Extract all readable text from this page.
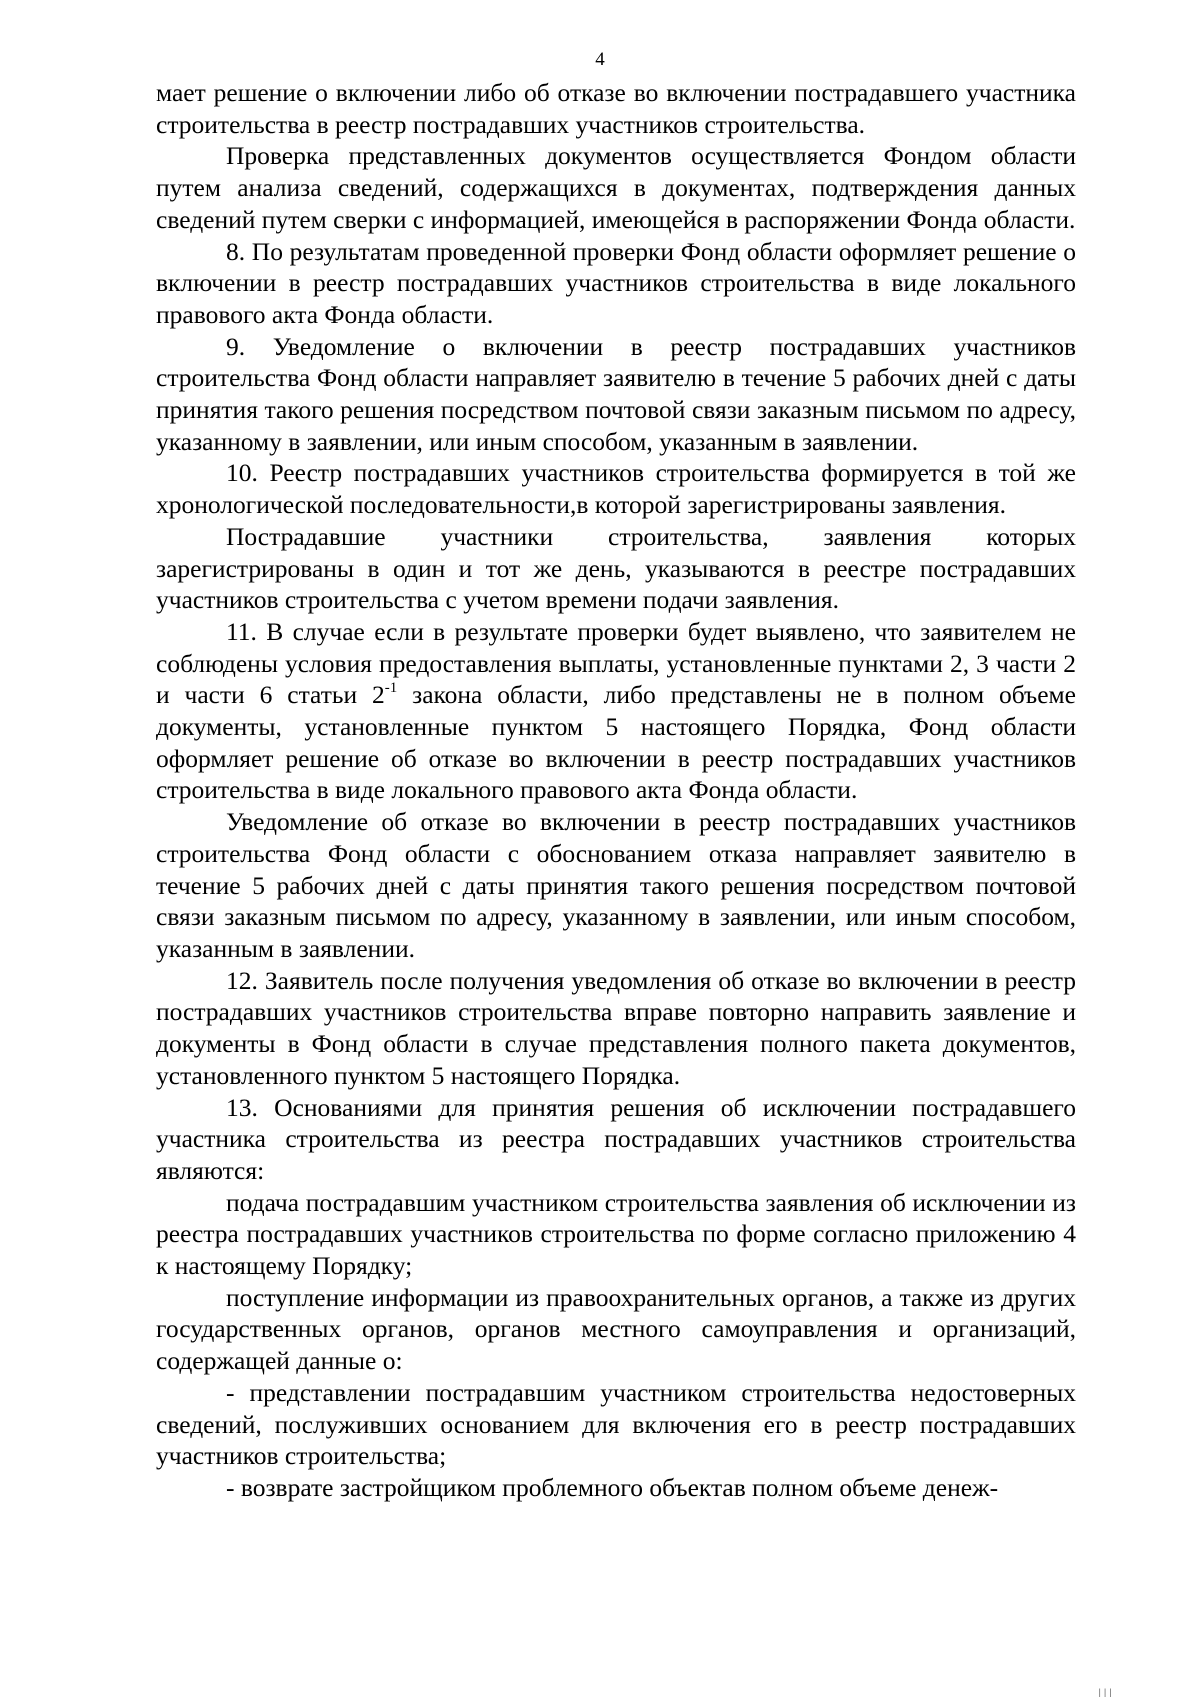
4

мает решение о включении либо об отказе во включении пострадавшего участника строительства в реестр пострадавших участников строительства.

Проверка представленных документов осуществляется Фондом области путем анализа сведений, содержащихся в документах, подтверждения данных сведений путем сверки с информацией, имеющейся в распоряжении Фонда области.

8. По результатам проведенной проверки Фонд области оформляет решение о включении в реестр пострадавших участников строительства в виде локального правового акта Фонда области.

9. Уведомление о включении в реестр пострадавших участников строительства Фонд области направляет заявителю в течение 5 рабочих дней с даты принятия такого решения посредством почтовой связи заказным письмом по адресу, указанному в заявлении, или иным способом, указанным в заявлении.

10. Реестр пострадавших участников строительства формируется в той же хронологической последовательности,в которой зарегистрированы заявления.

Пострадавшие участники строительства, заявления которых зарегистрированы в один и тот же день, указываются в реестре пострадавших участников строительства с учетом времени подачи заявления.

11. В случае если в результате проверки будет выявлено, что заявителем не соблюдены условия предоставления выплаты, установленные пунктами 2, 3 части 2 и части 6 статьи $2^{-1}$ закона области, либо представлены не в полном объеме документы, установленные пунктом 5 настоящего Порядка, Фонд области оформляет решение об отказе во включении в реестр пострадавших участников строительства в виде локального правового акта Фонда области.

Уведомление об отказе во включении в реестр пострадавших участников строительства Фонд области с обоснованием отказа направляет заявителю в течение 5 рабочих дней с даты принятия такого решения посредством почтовой связи заказным письмом по адресу, указанному в заявлении, или иным способом, указанным в заявлении.

12. Заявитель после получения уведомления об отказе во включении в реестр пострадавших участников строительства вправе повторно направить заявление и документы в Фонд области в случае представления полного пакета документов, установленного пунктом 5 настоящего Порядка.

13. Основаниями для принятия решения об исключении пострадавшего участника строительства из реестра пострадавших участников строительства являются:

подача пострадавшим участником строительства заявления об исключении из реестра пострадавших участников строительства по форме согласно приложению 4 к настоящему Порядку;

поступление информации из правоохранительных органов, а также из других государственных органов, органов местного самоуправления и организаций, содержащей данные о:

- представлении пострадавшим участником строительства недостоверных сведений, послуживших основанием для включения его в реестр пострадавших участников строительства;

- возврате застройщиком проблемного объектав полном объеме денеж-

|||
